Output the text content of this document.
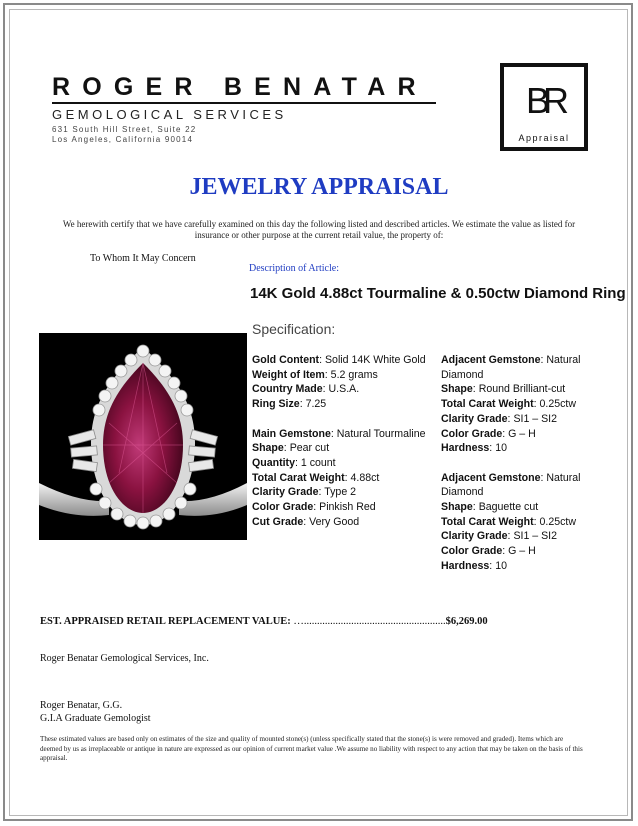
ROGER BENATAR
GEMOLOGICAL SERVICES
631 South Hill Street, Suite 22
Los Angeles, California 90014
BR
Appraisal
JEWELRY APPRAISAL
We herewith certify that we have carefully examined on this day the following listed and described articles. We estimate the value as listed for insurance or other purpose at the current retail value, the property of:
To Whom It May Concern
Description of Article:
14K Gold 4.88ct Tourmaline & 0.50ctw Diamond Ring
Specification:
Gold Content: Solid 14K White Gold
Weight of Item: 5.2 grams
Country Made: U.S.A.
Ring Size: 7.25
Main Gemstone: Natural Tourmaline
Shape: Pear cut
Quantity: 1 count
Total Carat Weight: 4.88ct
Clarity Grade: Type 2
Color Grade: Pinkish Red
Cut Grade: Very Good
Adjacent Gemstone: Natural
Diamond
Shape: Round Brilliant-cut
Total Carat Weight: 0.25ctw
Clarity Grade: SI1 – SI2
Color Grade: G – H
Hardness: 10
Adjacent Gemstone: Natural
Diamond
Shape: Baguette cut
Total Carat Weight: 0.25ctw
Clarity Grade: SI1 – SI2
Color Grade: G – H
Hardness: 10
EST. APPRAISED RETAIL REPLACEMENT VALUE: …......................................................$6,269.00
Roger Benatar Gemological Services, Inc.
Roger Benatar, G.G.
G.I.A Graduate Gemologist
These estimated values are based only on estimates of the size and quality of mounted stone(s) (unless specifically stated that the stone(s) is were removed and graded). Items which are deemed by us as irreplaceable or antique in nature are expressed as our opinion of current market value .We assume no liability with respect to any action that may be taken on the basis of this appraisal.
